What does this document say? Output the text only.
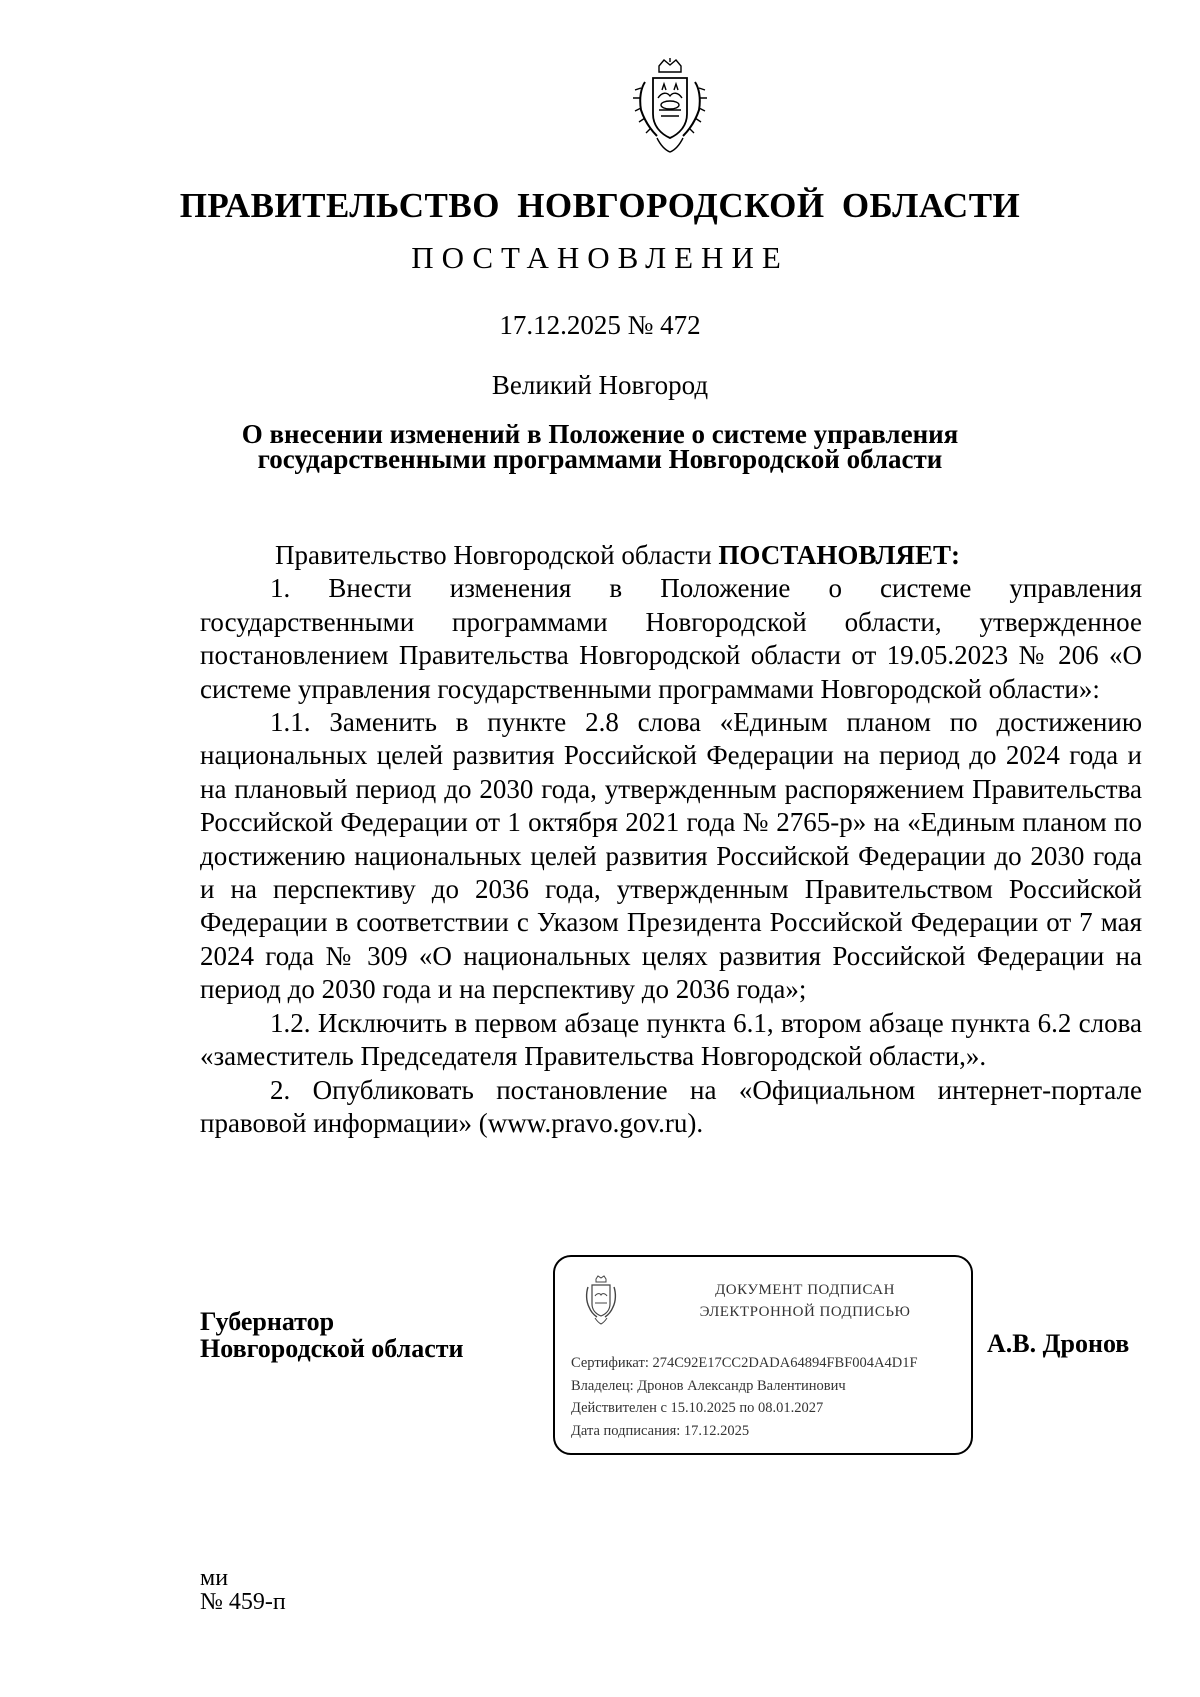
ПРАВИТЕЛЬСТВО НОВГОРОДСКОЙ ОБЛАСТИ
ПОСТАНОВЛЕНИЕ
17.12.2025 № 472
Великий Новгород
О внесении изменений в Положение о системе управления
государственными программами Новгородской области

Правительство Новгородской области ПОСТАНОВЛЯЕТ:

1. Внести изменения в Положение о системе управления государственными программами Новгородской области, утвержденное постановлением Правительства Новгородской области от 19.05.2023 № 206 «О системе управления государственными программами Новгородской области»:

1.1. Заменить в пункте 2.8 слова «Единым планом по достижению национальных целей развития Российской Федерации на период до 2024 года и на плановый период до 2030 года, утвержденным распоряжением Правительства Российской Федерации от 1 октября 2021 года № 2765-р» на «Единым планом по достижению национальных целей развития Российской Федерации до 2030 года и на перспективу до 2036 года, утвержденным Правительством Российской Федерации в соответствии с Указом Президента Российской Федерации от 7 мая 2024 года № 309 «О национальных целях развития Российской Федерации на период до 2030 года и на перспективу до 2036 года»;

1.2. Исключить в первом абзаце пункта 6.1, втором абзаце пункта 6.2 слова «заместитель Председателя Правительства Новгородской области,».

2. Опубликовать постановление на «Официальном интернет-портале правовой информации» (www.pravo.gov.ru).

Губернатор
Новгородской области
ДОКУМЕНТ ПОДПИСАН
ЭЛЕКТРОННОЙ ПОДПИСЬЮ
Сертификат: 274C92E17CC2DADA64894FBF004A4D1F
Владелец: Дронов Александр Валентинович
Действителен с 15.10.2025 по 08.01.2027
Дата подписания: 17.12.2025
А.В. Дронов
ми
№ 459-п
